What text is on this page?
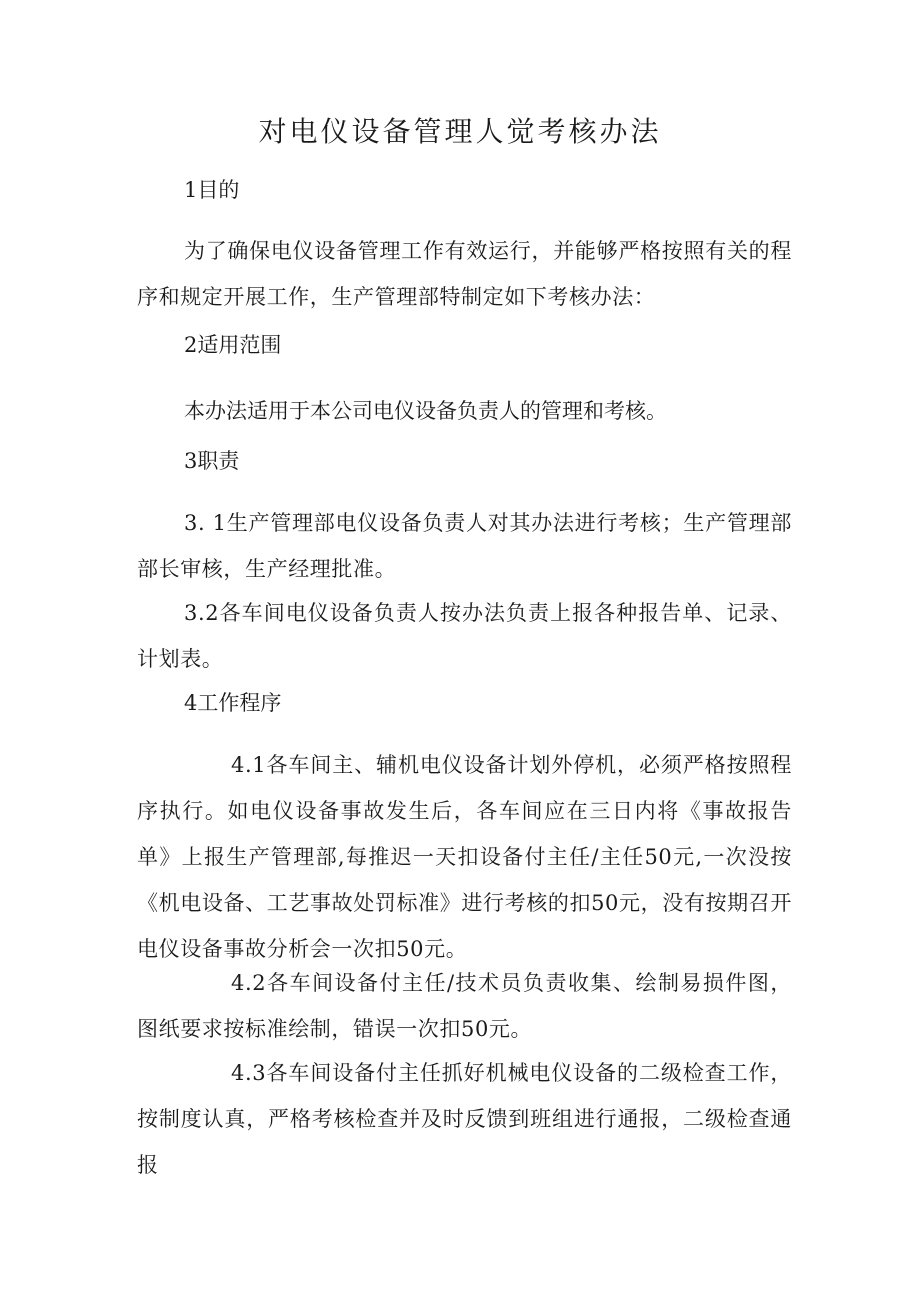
对电仪设备管理人觉考核办法

1目的

为了确保电仪设备管理工作有效运行，并能够严格按照有关的程序和规定开展工作，生产管理部特制定如下考核办法：

2适用范围

本办法适用于本公司电仪设备负责人的管理和考核。

3职责

3. 1生产管理部电仪设备负责人对其办法进行考核；生产管理部部长审核，生产经理批准。

3.2各车间电仪设备负责人按办法负责上报各种报告单、记录、计划表。

4工作程序

4.1各车间主、辅机电仪设备计划外停机，必须严格按照程序执行。如电仪设备事故发生后，各车间应在三日内将《事故报告单》上报生产管理部,每推迟一天扣设备付主任/主任50元,一次没按《机电设备、工艺事故处罚标准》进行考核的扣50元，没有按期召开电仪设备事故分析会一次扣50元。

4.2各车间设备付主任/技术员负责收集、绘制易损件图，图纸要求按标准绘制，错误一次扣50元。

4.3各车间设备付主任抓好机械电仪设备的二级检查工作，按制度认真，严格考核检查并及时反馈到班组进行通报，二级检查通报
